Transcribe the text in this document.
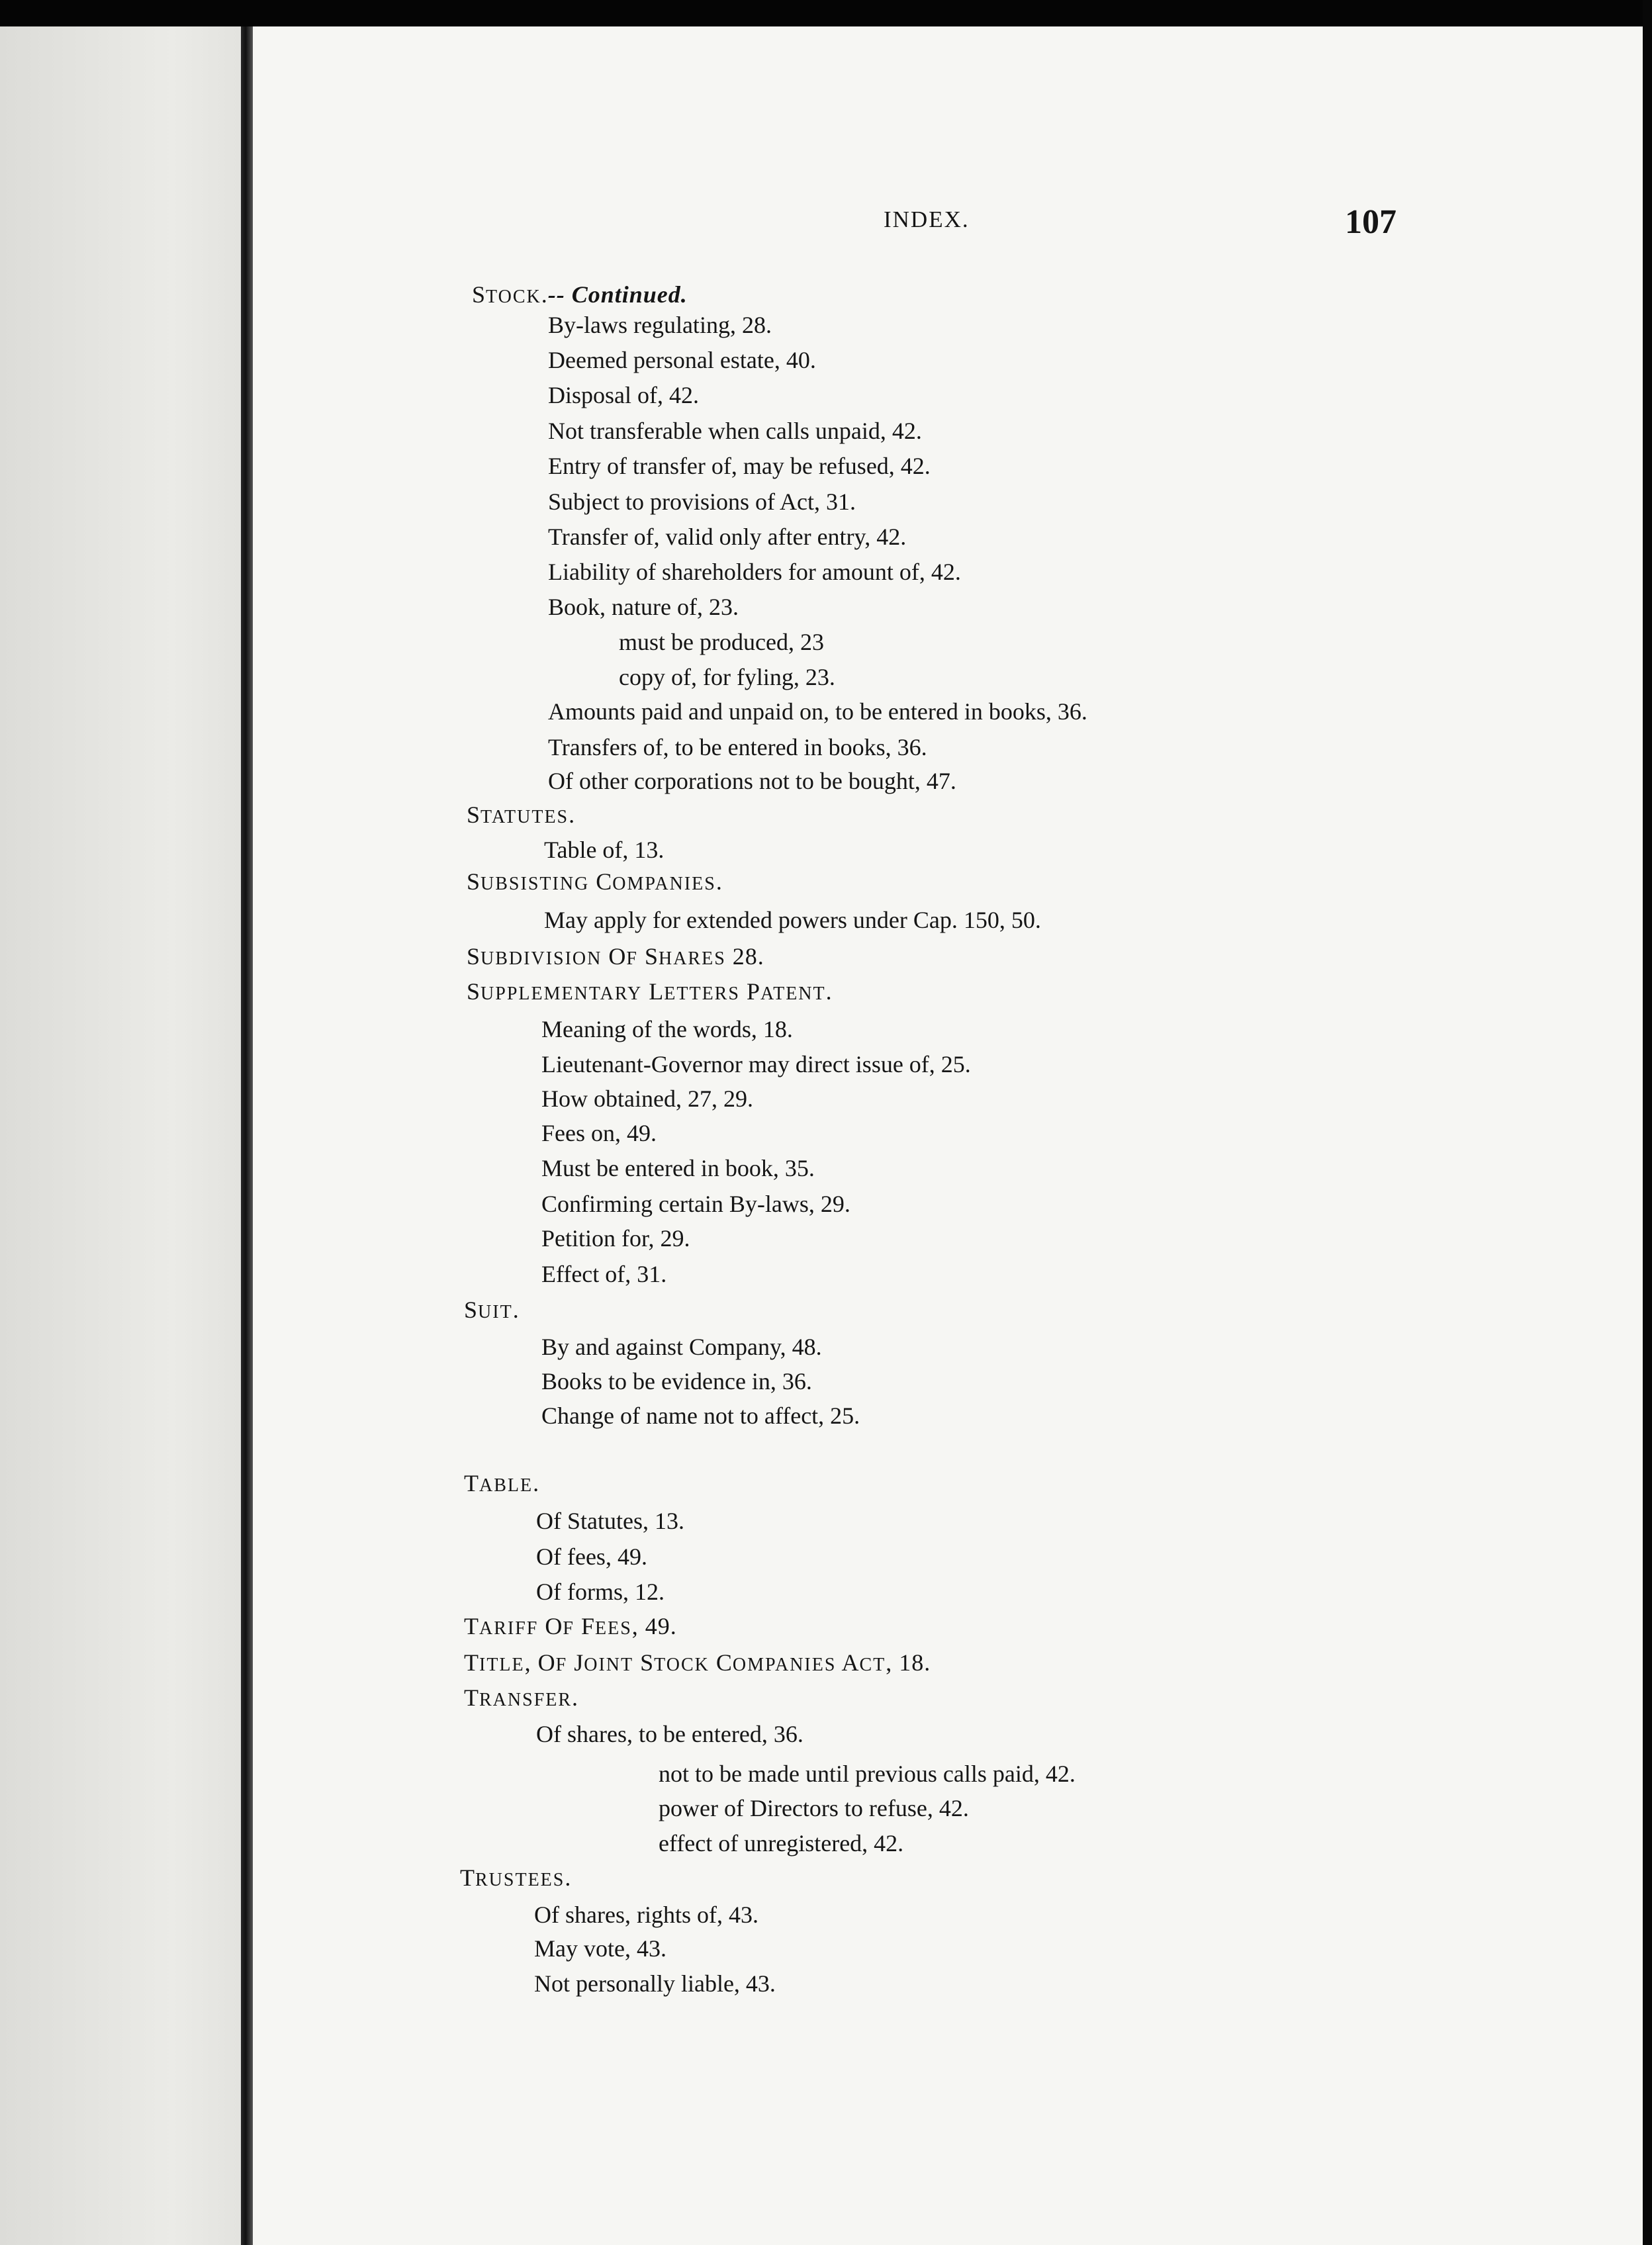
INDEX.	107
STOCK.-- Continued.
By-laws regulating, 28.
Deemed personal estate, 40.
Disposal of, 42.
Not transferable when calls unpaid, 42.
Entry of transfer of, may be refused, 42.
Subject to provisions of Act, 31.
Transfer of, valid only after entry, 42.
Liability of shareholders for amount of, 42.
Book, nature of, 23.
must be produced, 23
copy of, for fyling, 23.
Amounts paid and unpaid on, to be entered in books, 36.
Transfers of, to be entered in books, 36.
Of other corporations not to be bought, 47.
STATUTES.
Table of, 13.
SUBSISTING COMPANIES.
May apply for extended powers under Cap. 150, 50.
SUBDIVISION OF SHARES 28.
SUPPLEMENTARY LETTERS PATENT.
Meaning of the words, 18.
Lieutenant-Governor may direct issue of, 25.
How obtained, 27, 29.
Fees on, 49.
Must be entered in book, 35.
Confirming certain By-laws, 29.
Petition for, 29.
Effect of, 31.
SUIT.
By and against Company, 48.
Books to be evidence in, 36.
Change of name not to affect, 25.
TABLE.
Of Statutes, 13.
Of fees, 49.
Of forms, 12.
TARIFF OF FEES, 49.
TITLE, OF JOINT STOCK COMPANIES ACT, 18.
TRANSFER.
Of shares, to be entered, 36.
not to be made until previous calls paid, 42.
power of Directors to refuse, 42.
effect of unregistered, 42.
TRUSTEES.
Of shares, rights of, 43.
May vote, 43.
Not personally liable, 43.
